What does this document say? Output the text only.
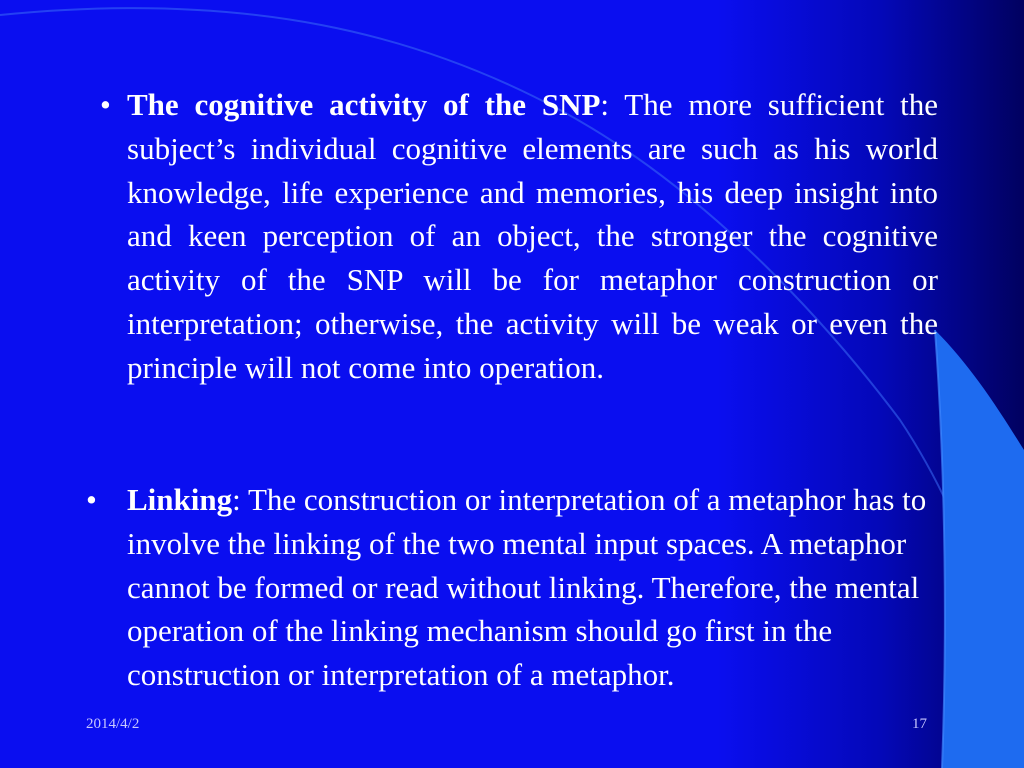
• The cognitive activity of the SNP: The more sufficient the subject’s individual cognitive elements are such as his world knowledge, life experience and memories, his deep insight into and keen perception of an object, the stronger the cognitive activity of the SNP will be for metaphor construction or interpretation; otherwise, the activity will be weak or even the principle will not come into operation.

• Linking: The construction or interpretation of a metaphor has to involve the linking of the two mental input spaces. A metaphor cannot be formed or read without linking. Therefore, the mental operation of the linking mechanism should go first in the construction or interpretation of a metaphor.

2014/4/2	17
